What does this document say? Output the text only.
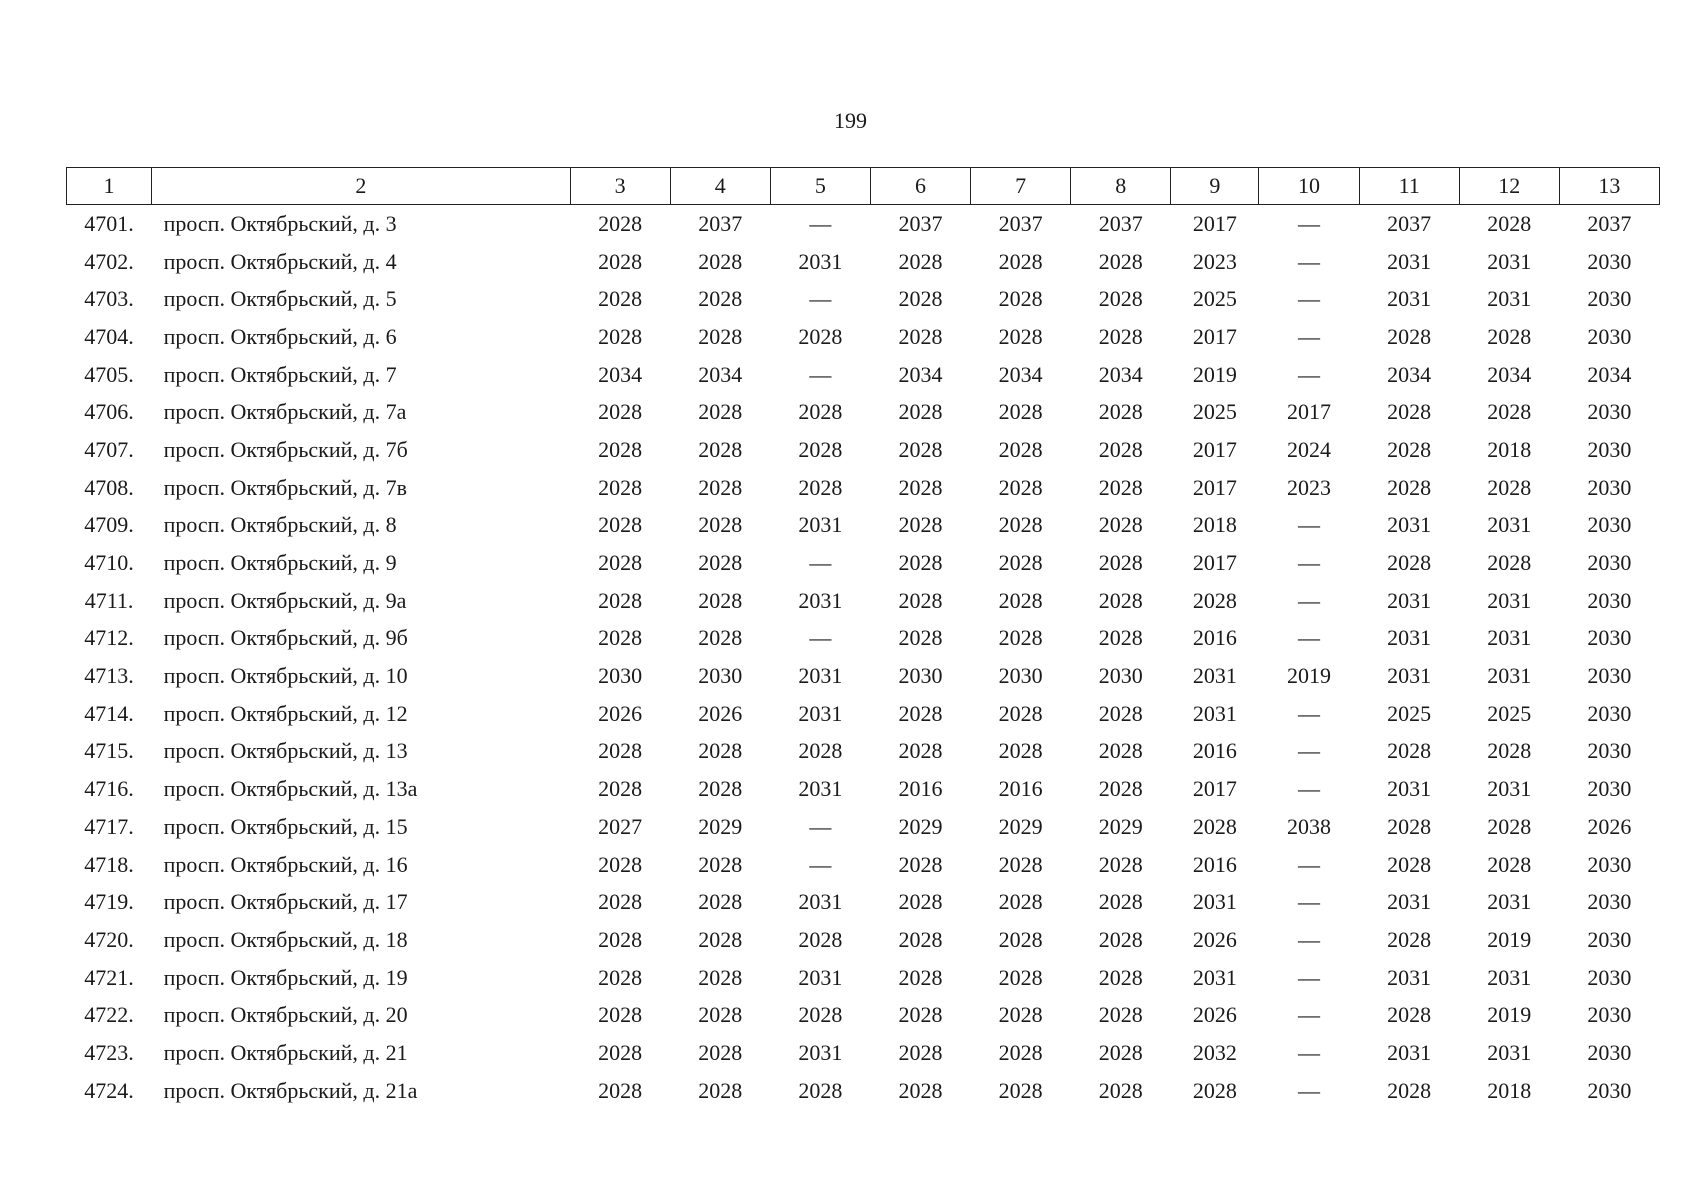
199
1	2	3	4	5	6	7	8	9	10	11	12	13
4701.	просп. Октябрьский, д. 3	2028	2037	—	2037	2037	2037	2017	—	2037	2028	2037
4702.	просп. Октябрьский, д. 4	2028	2028	2031	2028	2028	2028	2023	—	2031	2031	2030
4703.	просп. Октябрьский, д. 5	2028	2028	—	2028	2028	2028	2025	—	2031	2031	2030
4704.	просп. Октябрьский, д. 6	2028	2028	2028	2028	2028	2028	2017	—	2028	2028	2030
4705.	просп. Октябрьский, д. 7	2034	2034	—	2034	2034	2034	2019	—	2034	2034	2034
4706.	просп. Октябрьский, д. 7а	2028	2028	2028	2028	2028	2028	2025	2017	2028	2028	2030
4707.	просп. Октябрьский, д. 7б	2028	2028	2028	2028	2028	2028	2017	2024	2028	2018	2030
4708.	просп. Октябрьский, д. 7в	2028	2028	2028	2028	2028	2028	2017	2023	2028	2028	2030
4709.	просп. Октябрьский, д. 8	2028	2028	2031	2028	2028	2028	2018	—	2031	2031	2030
4710.	просп. Октябрьский, д. 9	2028	2028	—	2028	2028	2028	2017	—	2028	2028	2030
4711.	просп. Октябрьский, д. 9а	2028	2028	2031	2028	2028	2028	2028	—	2031	2031	2030
4712.	просп. Октябрьский, д. 9б	2028	2028	—	2028	2028	2028	2016	—	2031	2031	2030
4713.	просп. Октябрьский, д. 10	2030	2030	2031	2030	2030	2030	2031	2019	2031	2031	2030
4714.	просп. Октябрьский, д. 12	2026	2026	2031	2028	2028	2028	2031	—	2025	2025	2030
4715.	просп. Октябрьский, д. 13	2028	2028	2028	2028	2028	2028	2016	—	2028	2028	2030
4716.	просп. Октябрьский, д. 13а	2028	2028	2031	2016	2016	2028	2017	—	2031	2031	2030
4717.	просп. Октябрьский, д. 15	2027	2029	—	2029	2029	2029	2028	2038	2028	2028	2026
4718.	просп. Октябрьский, д. 16	2028	2028	—	2028	2028	2028	2016	—	2028	2028	2030
4719.	просп. Октябрьский, д. 17	2028	2028	2031	2028	2028	2028	2031	—	2031	2031	2030
4720.	просп. Октябрьский, д. 18	2028	2028	2028	2028	2028	2028	2026	—	2028	2019	2030
4721.	просп. Октябрьский, д. 19	2028	2028	2031	2028	2028	2028	2031	—	2031	2031	2030
4722.	просп. Октябрьский, д. 20	2028	2028	2028	2028	2028	2028	2026	—	2028	2019	2030
4723.	просп. Октябрьский, д. 21	2028	2028	2031	2028	2028	2028	2032	—	2031	2031	2030
4724.	просп. Октябрьский, д. 21а	2028	2028	2028	2028	2028	2028	2028	—	2028	2018	2030
